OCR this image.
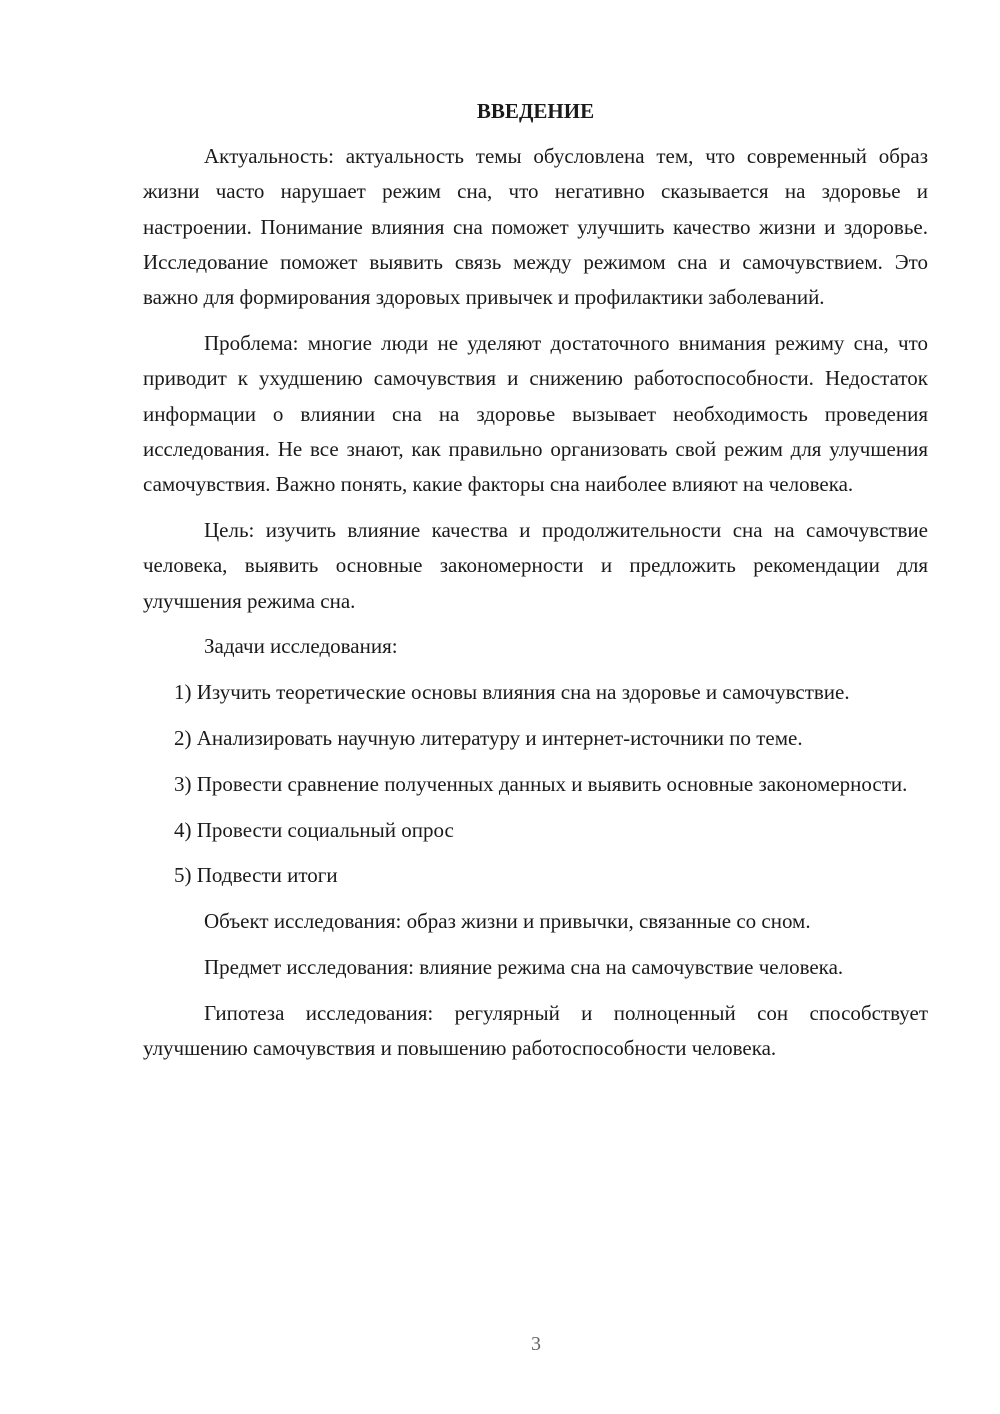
ВВЕДЕНИЕ

Актуальность: актуальность темы обусловлена тем, что современный образ жизни часто нарушает режим сна, что негативно сказывается на здоровье и настроении. Понимание влияния сна поможет улучшить качество жизни и здоровье. Исследование поможет выявить связь между режимом сна и самочувствием. Это важно для формирования здоровых привычек и профилактики заболеваний.

Проблема: многие люди не уделяют достаточного внимания режиму сна, что приводит к ухудшению самочувствия и снижению работоспособности. Недостаток информации о влиянии сна на здоровье вызывает необходимость проведения исследования. Не все знают, как правильно организовать свой режим для улучшения самочувствия. Важно понять, какие факторы сна наиболее влияют на человека.

Цель: изучить влияние качества и продолжительности сна на самочувствие человека, выявить основные закономерности и предложить рекомендации для улучшения режима сна.

Задачи исследования:

1) Изучить теоретические основы влияния сна на здоровье и самочувствие.

2) Анализировать научную литературу и интернет-источники по теме.

3) Провести сравнение полученных данных и выявить основные закономерности.

4) Провести социальный опрос

5) Подвести итоги

Объект исследования: образ жизни и привычки, связанные со сном.

Предмет исследования: влияние режима сна на самочувствие человека.

Гипотеза исследования: регулярный и полноценный сон способствует улучшению самочувствия и повышению работоспособности человека.

3
